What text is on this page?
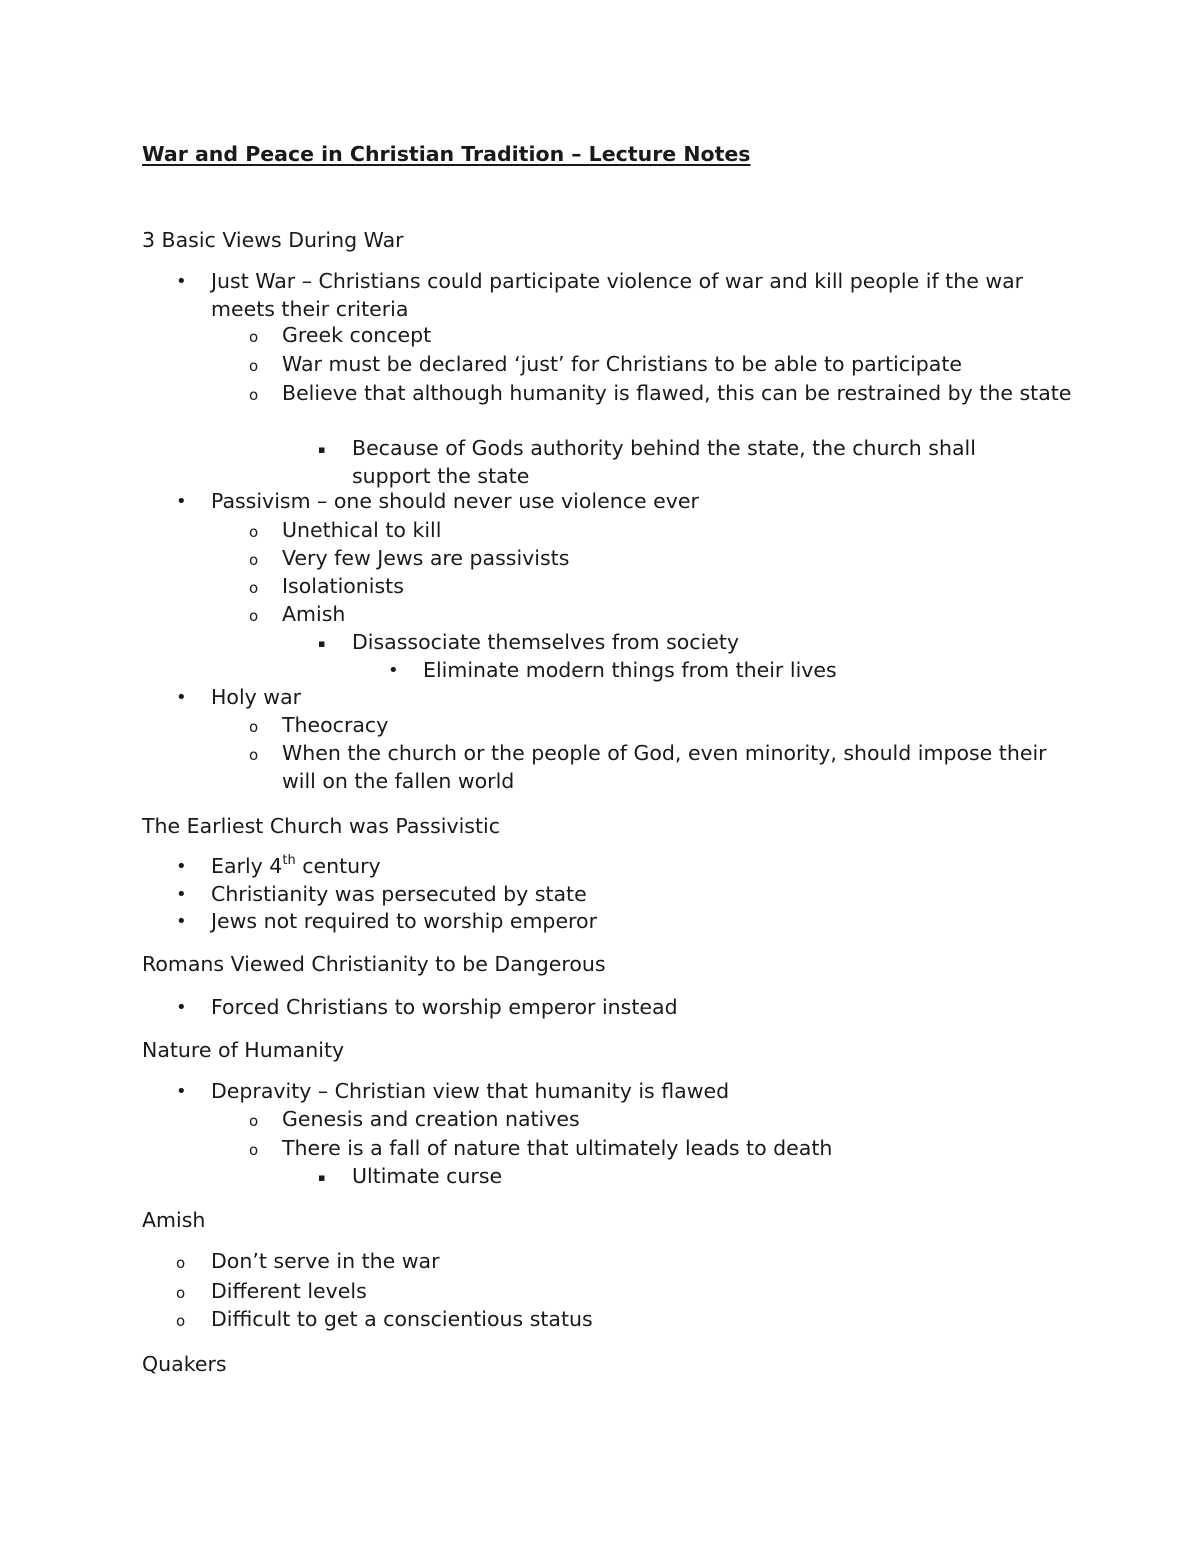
War and Peace in Christian Tradition – Lecture Notes

3 Basic Views During War

The Earliest Church was Passivistic

Romans Viewed Christianity to be Dangerous

Nature of Humanity

Amish

Quakers

• Just War – Christians could participate violence of war and kill people if the war meets their criteria
o Greek concept
o War must be declared ‘just’ for Christians to be able to participate
o Believe that although humanity is flawed, this can be restrained by the state
▪ Because of Gods authority behind the state, the church shall support the state
• Passivism – one should never use violence ever
o Unethical to kill
o Very few Jews are passivists
o Isolationists
o Amish
▪ Disassociate themselves from society
• Eliminate modern things from their lives
• Holy war
o Theocracy
o When the church or the people of God, even minority, should impose their will on the fallen world
• Early 4th century
• Christianity was persecuted by state
• Jews not required to worship emperor
• Forced Christians to worship emperor instead
• Depravity – Christian view that humanity is flawed
o Genesis and creation natives
o There is a fall of nature that ultimately leads to death
▪ Ultimate curse
o Don’t serve in the war
o Different levels
o Difficult to get a conscientious status
